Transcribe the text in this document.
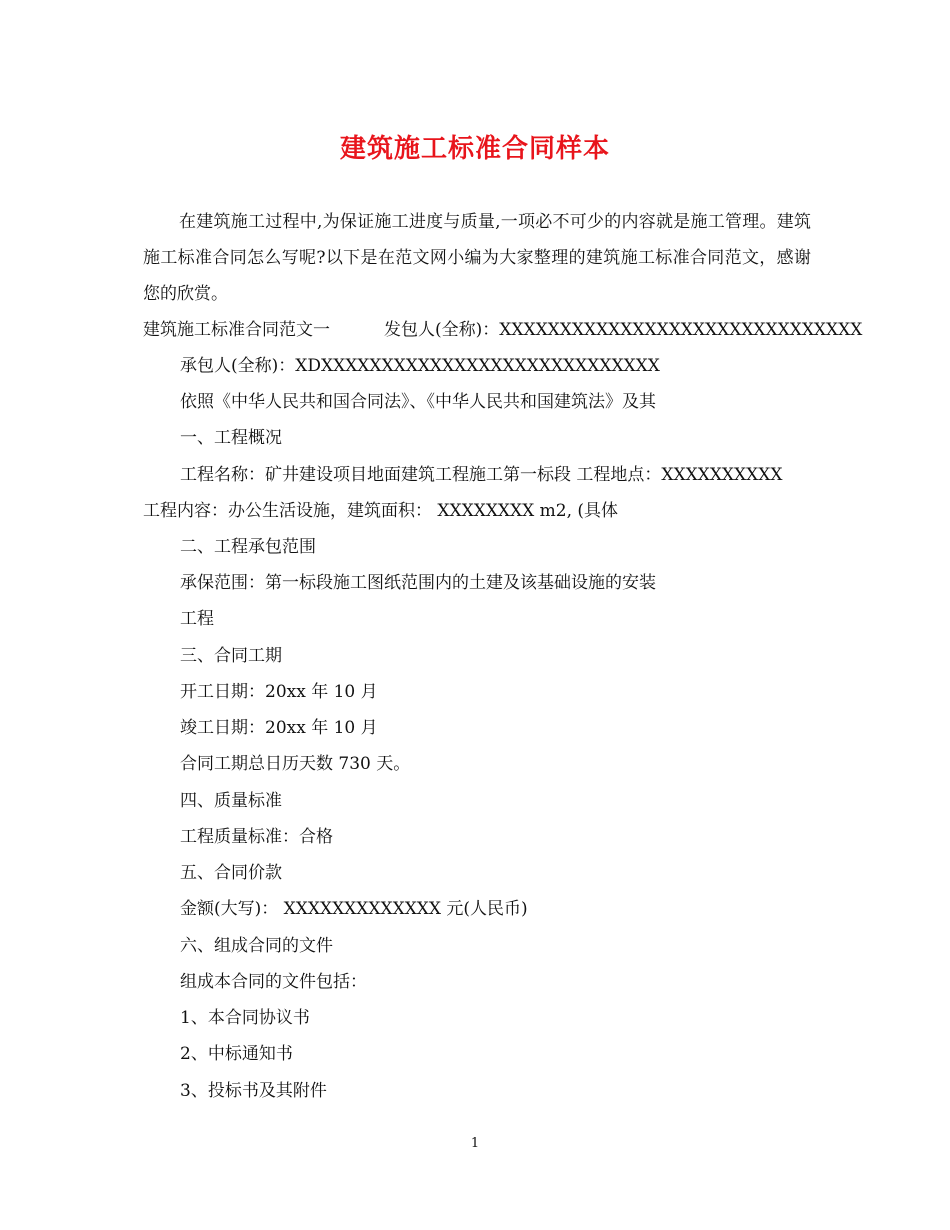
建筑施工标准合同样本

在建筑施工过程中,为保证施工进度与质量,一项必不可少的内容就是施工管理。建筑施工标准合同怎么写呢?以下是在范文网小编为大家整理的建筑施工标准合同范文，感谢您的欣赏。

建筑施工标准合同范文一	发包人(全称)：XXXXXXXXXXXXXXXXXXXXXXXXXXXXXX
承包人(全称)：XDXXXXXXXXXXXXXXXXXXXXXXXXXXXX
依照《中华人民共和国合同法》、《中华人民共和国建筑法》及其
一、工程概况
工程名称：矿井建设项目地面建筑工程施工第一标段 工程地点：XXXXXXXXXX
工程内容：办公生活设施，建筑面积： XXXXXXXX m2, (具体
二、工程承包范围
承保范围：第一标段施工图纸范围内的土建及该基础设施的安装
工程
三、合同工期
开工日期：20xx 年 10 月
竣工日期：20xx 年 10 月
合同工期总日历天数 730 天。
四、质量标准
工程质量标准：合格
五、合同价款
金额(大写)： XXXXXXXXXXXXX 元(人民币)
六、组成合同的文件
组成本合同的文件包括：
1、本合同协议书
2、中标通知书
3、投标书及其附件
1
